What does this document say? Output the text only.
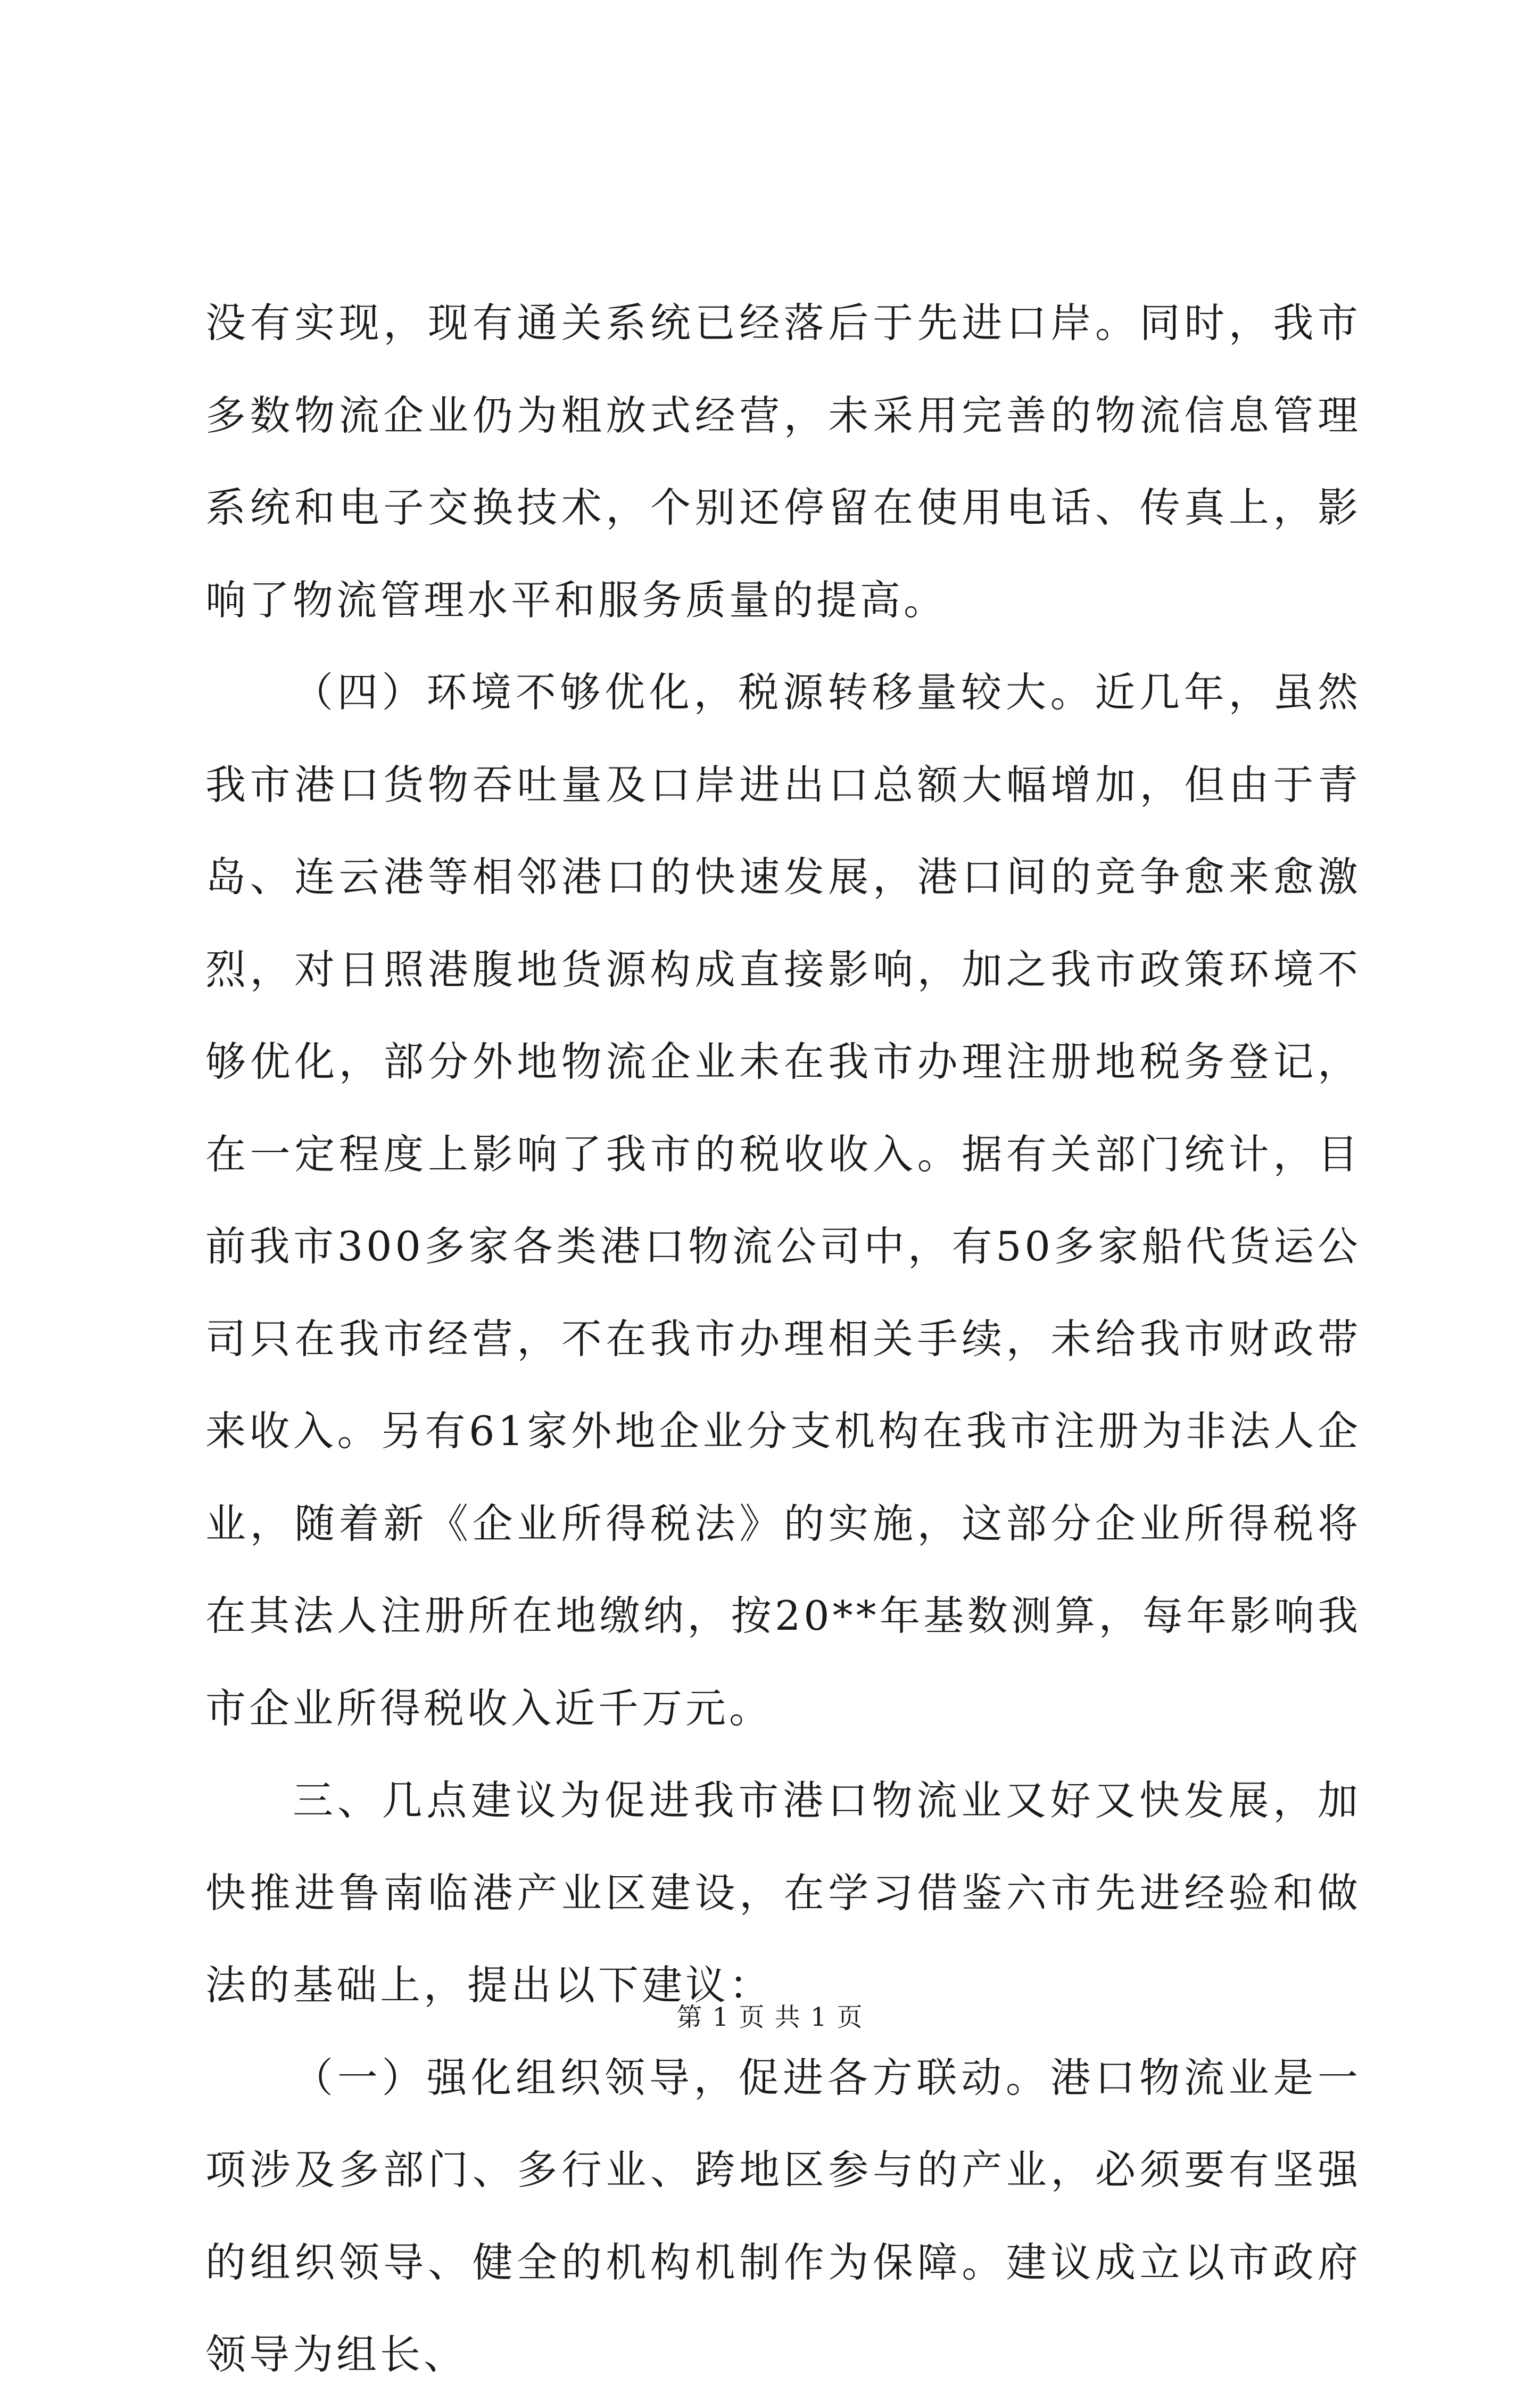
没有实现，现有通关系统已经落后于先进口岸。同时，我市多数物流企业仍为粗放式经营，未采用完善的物流信息管理系统和电子交换技术，个别还停留在使用电话、传真上，影响了物流管理水平和服务质量的提高。

（四）环境不够优化，税源转移量较大。近几年，虽然我市港口货物吞吐量及口岸进出口总额大幅增加，但由于青岛、连云港等相邻港口的快速发展，港口间的竞争愈来愈激烈，对日照港腹地货源构成直接影响，加之我市政策环境不够优化，部分外地物流企业未在我市办理注册地税务登记，在一定程度上影响了我市的税收收入。据有关部门统计，目前我市300多家各类港口物流公司中，有50多家船代货运公司只在我市经营，不在我市办理相关手续，未给我市财政带来收入。另有61家外地企业分支机构在我市注册为非法人企业，随着新《企业所得税法》的实施，这部分企业所得税将在其法人注册所在地缴纳，按20**年基数测算，每年影响我市企业所得税收入近千万元。

三、几点建议为促进我市港口物流业又好又快发展，加快推进鲁南临港产业区建设，在学习借鉴六市先进经验和做法的基础上，提出以下建议：

（一）强化组织领导，促进各方联动。港口物流业是一项涉及多部门、多行业、跨地区参与的产业，必须要有坚强的组织领导、健全的机构机制作为保障。建议成立以市政府领导为组长、

第 1 页 共 1 页
